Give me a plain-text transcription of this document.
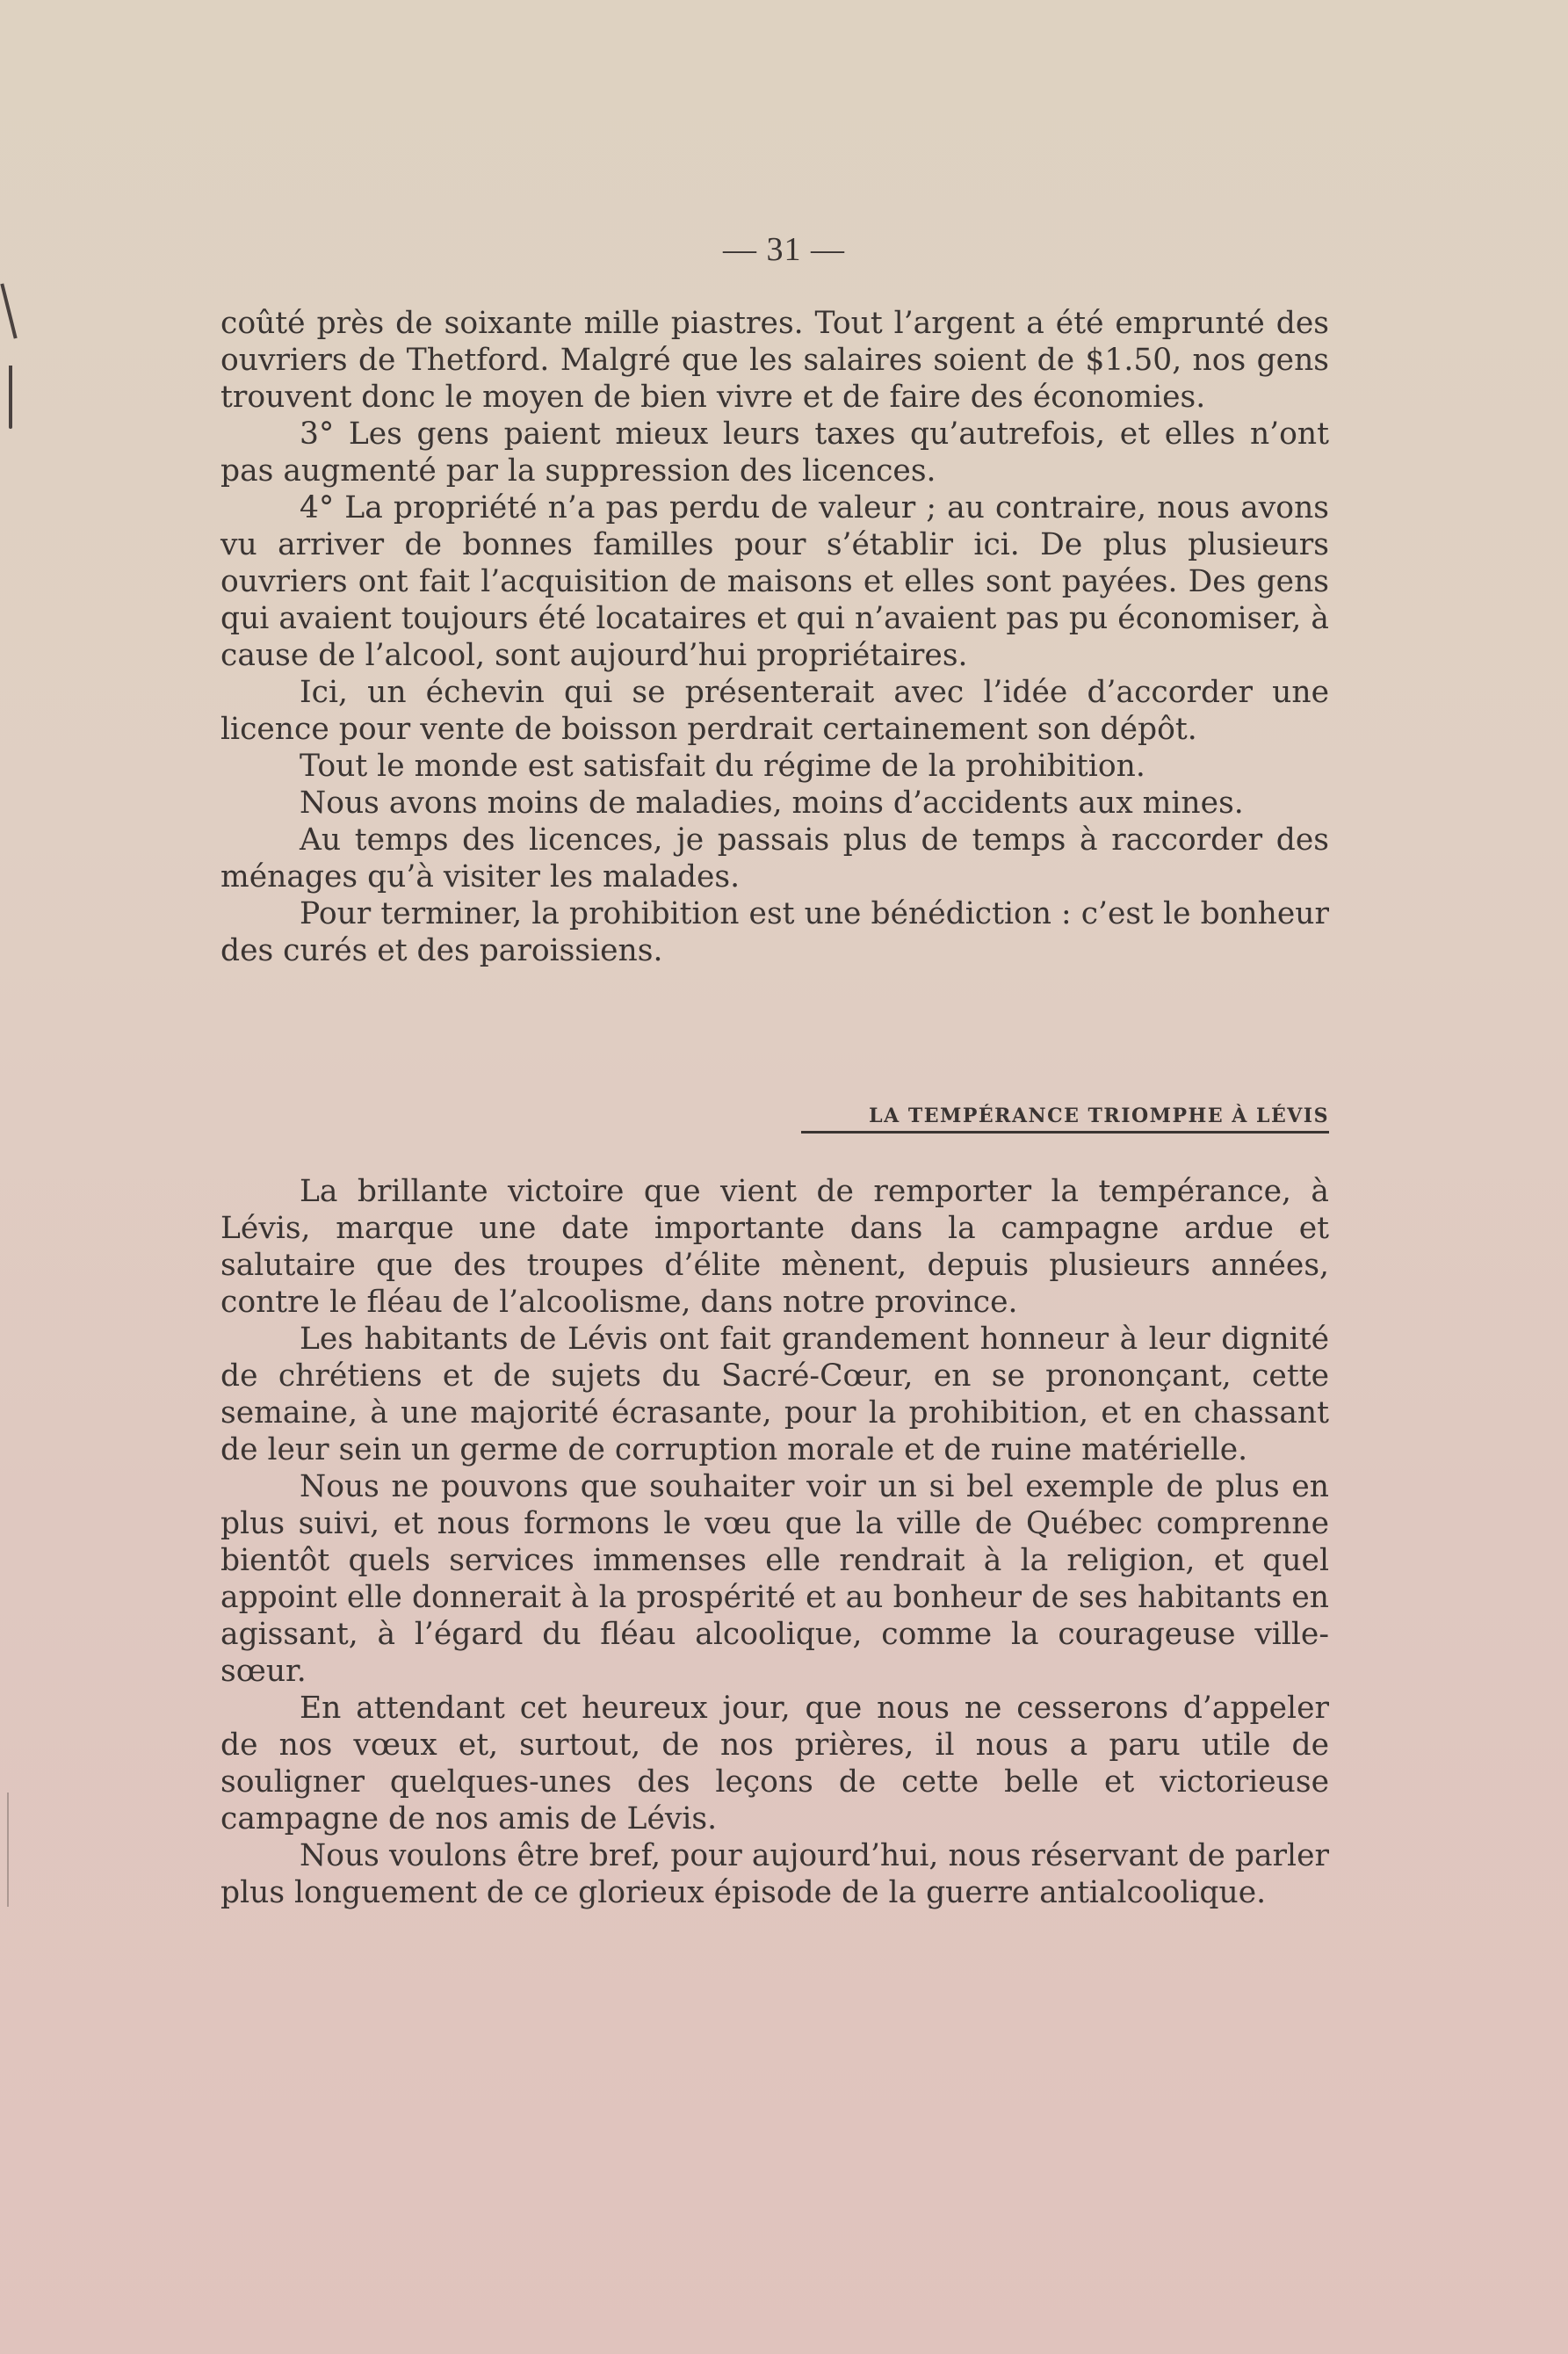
— 31 —

coûté près de soixante mille piastres. Tout l’argent a été emprunté des ouvriers de Thetford. Malgré que les salaires soient de $1.50, nos gens trouvent donc le moyen de bien vivre et de faire des économies.

3° Les gens paient mieux leurs taxes qu’autrefois, et elles n’ont pas augmenté par la suppression des licences.

4° La propriété n’a pas perdu de valeur ; au contraire, nous avons vu arriver de bonnes familles pour s’établir ici. De plus plusieurs ouvriers ont fait l’acquisition de maisons et elles sont payées. Des gens qui avaient toujours été locataires et qui n’avaient pas pu économiser, à cause de l’alcool, sont aujourd’hui propriétaires.

Ici, un échevin qui se présenterait avec l’idée d’accorder une licence pour vente de boisson perdrait certainement son dépôt.

Tout le monde est satisfait du régime de la prohibition.

Nous avons moins de maladies, moins d’accidents aux mines.

Au temps des licences, je passais plus de temps à raccorder des ménages qu’à visiter les malades.

Pour terminer, la prohibition est une bénédiction : c’est le bonheur des curés et des paroissiens.

LA TEMPÉRANCE TRIOMPHE À LÉVIS

La brillante victoire que vient de remporter la tempérance, à Lévis, marque une date importante dans la campagne ardue et salutaire que des troupes d’élite mènent, depuis plusieurs années, contre le fléau de l’alcoolisme, dans notre province.

Les habitants de Lévis ont fait grandement honneur à leur dignité de chrétiens et de sujets du Sacré-Cœur, en se prononçant, cette semaine, à une majorité écrasante, pour la prohibition, et en chassant de leur sein un germe de corruption morale et de ruine matérielle.

Nous ne pouvons que souhaiter voir un si bel exemple de plus en plus suivi, et nous formons le vœu que la ville de Québec comprenne bientôt quels services immenses elle rendrait à la religion, et quel appoint elle donnerait à la prospérité et au bonheur de ses habitants en agissant, à l’égard du fléau alcoolique, comme la courageuse ville-sœur.

En attendant cet heureux jour, que nous ne cesserons d’appeler de nos vœux et, surtout, de nos prières, il nous a paru utile de souligner quelques-unes des leçons de cette belle et victorieuse campagne de nos amis de Lévis.

Nous voulons être bref, pour aujourd’hui, nous réservant de parler plus longuement de ce glorieux épisode de la guerre antialcoolique.
